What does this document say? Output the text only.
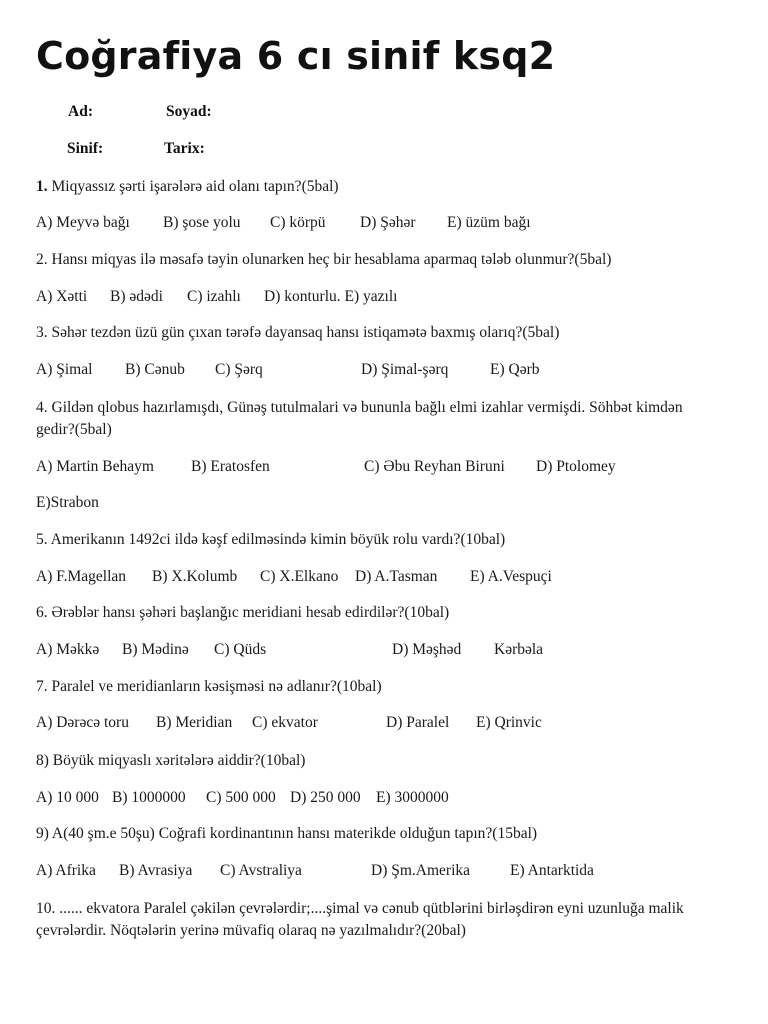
Coğrafiya 6 cı sinif ksq2
Ad:	Soyad:
Sinif:	Tarix:
1. Miqyassız şərti işarələrə aid olanı tapın?(5bal)
A) Meyvə bağı B) şose yolu C) körpü D) Şəhər E) üzüm bağı
2. Hansı miqyas ilə məsafə təyin olunarken heç bir hesablama aparmaq tələb olunmur?(5bal)
A) Xətti B) ədədi C) izahlı D) konturlu. E) yazılı
3. Səhər tezdən üzü gün çıxan tərəfə dayansaq hansı istiqamətə baxmış olarıq?(5bal)
A) Şimal B) Cənub C) Şərq	D) Şimal-şərq	E) Qərb
4. Gildən qlobus hazırlamışdı, Günəş tutulmalari və bununla bağlı elmi izahlar vermişdi. Söhbət kimdən gedir?(5bal)
A) Martin Behaym B) Eratosfen	C) Əbu Reyhan Biruni D) Ptolomey
E)Strabon
5. Amerikanın 1492ci ildə kəşf edilməsində kimin böyük rolu vardı?(10bal)
A) F.Magellan B) X.Kolumb C) X.Elkano D) A.Tasman E) A.Vespuçi
6. Ərəblər hansı şəhəri başlanğıc meridiani hesab edirdilər?(10bal)
A) Məkkə B) Mədinə C) Qüds	D) Məşhəd Kərbəla
7. Paralel ve meridianların kəsişməsi nə adlanır?(10bal)
A) Dərəcə toru B) Meridian C) ekvator	D) Paralel E) Qrinvic
8) Böyük miqyaslı xəritələrə aiddir?(10bal)
A) 10 000 B) 1000000 C) 500 000 D) 250 000 E) 3000000
9) A(40 şm.e 50şu) Coğrafi kordinantının hansı materikde olduğun tapın?(15bal)
A) Afrika B) Avrasiya C) Avstraliya	D) Şm.Amerika	E) Antarktida
10. ...... ekvatora Paralel çəkilən çevrələrdir;....şimal və cənub qütblərini birləşdirən eyni uzunluğa malik çevrələrdir. Nöqtələrin yerinə müvafiq olaraq nə yazılmalıdır?(20bal)
